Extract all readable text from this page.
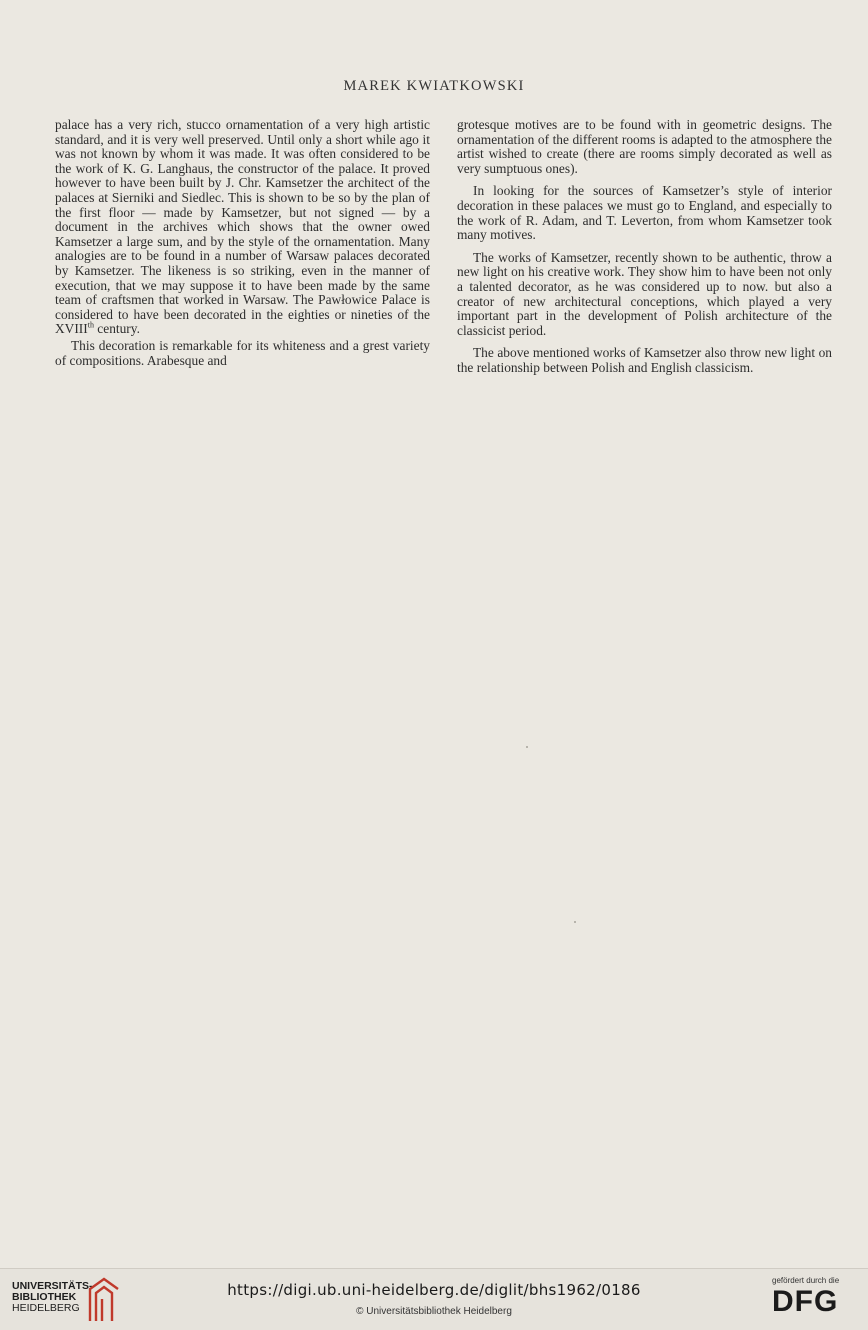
MAREK KWIATKOWSKI

palace has a very rich, stucco ornamentation of a very high artistic standard, and it is very well preserved. Until only a short while ago it was not known by whom it was made. It was often considered to be the work of K. G. Langhaus, the constructor of the palace. It proved however to have been built by J. Chr. Kamsetzer the architect of the palaces at Sierniki and Siedlec. This is shown to be so by the plan of the first floor — made by Kamsetzer, but not signed — by a document in the archives which shows that the owner owed Kamsetzer a large sum, and by the style of the ornamentation. Many analogies are to be found in a number of Warsaw palaces decorated by Kamsetzer. The likeness is so striking, even in the manner of execution, that we may suppose it to have been made by the same team of craftsmen that worked in Warsaw. The Pawłowice Palace is considered to have been decorated in the eighties or nineties of the XVIIIth century.

This decoration is remarkable for its whiteness and a grest variety of compositions. Arabesque and

grotesque motives are to be found with in geometric designs. The ornamentation of the different rooms is adapted to the atmosphere the artist wished to create (there are rooms simply decorated as well as very sumptuous ones).

In looking for the sources of Kamsetzer’s style of interior decoration in these palaces we must go to England, and especially to the work of R. Adam, and T. Leverton, from whom Kamsetzer took many motives.

The works of Kamsetzer, recently shown to be authentic, throw a new light on his creative work. They show him to have been not only a talented decorator, as he was considered up to now. but also a creator of new architectural conceptions, which played a very important part in the development of Polish architecture of the classicist period.

The above mentioned works of Kamsetzer also throw new light on the relationship between Polish and English classicism.

UNIVERSITÄTS-
BIBLIOTHEK
HEIDELBERG
https://digi.ub.uni-heidelberg.de/diglit/bhs1962/0186
© Universitätsbibliothek Heidelberg
gefördert durch die
DFG
